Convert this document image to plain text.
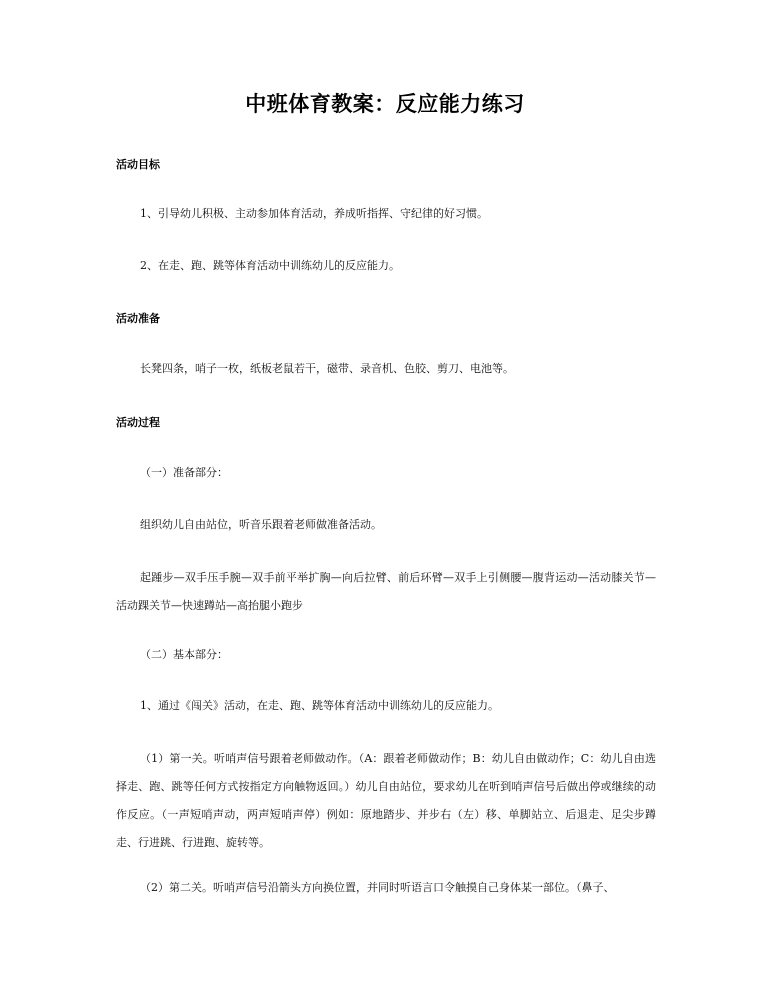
中班体育教案：反应能力练习
活动目标
1、引导幼儿积极、主动参加体育活动，养成听指挥、守纪律的好习惯。
2、在走、跑、跳等体育活动中训练幼儿的反应能力。
活动准备
长凳四条，哨子一枚，纸板老鼠若干，磁带、录音机、色胶、剪刀、电池等。
活动过程
（一）准备部分：
组织幼儿自由站位，听音乐跟着老师做准备活动。
起踵步—双手压手腕—双手前平举扩胸—向后拉臂、前后环臂—双手上引侧腰—腹背运动—活动膝关节—活动踝关节—快速蹲站—高抬腿小跑步
（二）基本部分：
1、通过《闯关》活动，在走、跑、跳等体育活动中训练幼儿的反应能力。
（1）第一关。听哨声信号跟着老师做动作。（A：跟着老师做动作；B：幼儿自由做动作；C：幼儿自由选择走、跑、跳等任何方式按指定方向触物返回。）幼儿自由站位，要求幼儿在听到哨声信号后做出停或继续的动作反应。（一声短哨声动，两声短哨声停）例如：原地踏步、并步右（左）移、单脚站立、后退走、足尖步蹲走、行进跳、行进跑、旋转等。
（2）第二关。听哨声信号沿箭头方向换位置，并同时听语言口令触摸自己身体某一部位。（鼻子、
